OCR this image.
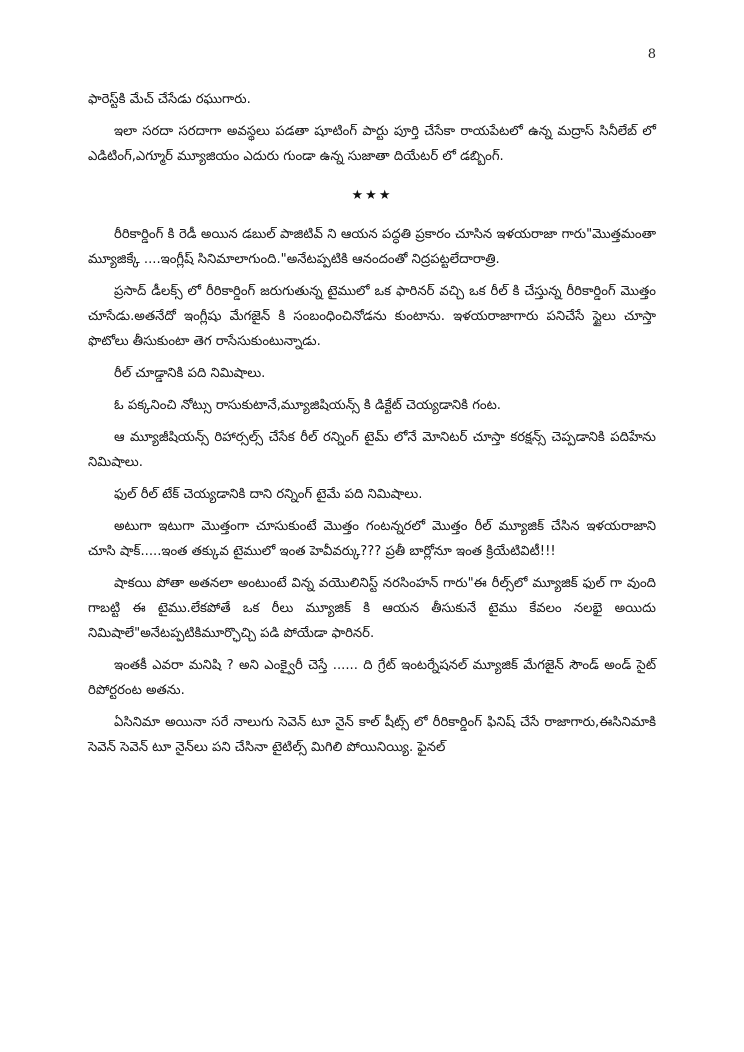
8

ఫారెస్ట్‌కి మేచ్ చేసేడు రఘుగారు.

ఇలా సరదా సరదాగా అవస్థలు పడతా షూటింగ్ పార్టు పూర్తి చేసేకా రాయపేటలో ఉన్న మద్రాస్ సినీలేబ్ లో ఎడిటింగ్,ఎగ్మూర్ మ్యూజియం ఎదురు గుండా ఉన్న సుజాతా దియేటర్ లో డబ్బింగ్.

★★★

రీరికార్డింగ్ కి రెడీ అయిన డబుల్ పాజిటివ్ ని ఆయన పద్ధతి ప్రకారం చూసిన ఇళయరాజా గారు"మొత్తమంతా మ్యూజిక్కే ....ఇంగ్లీష్ సినిమాలాగుంది."అనేటప్పటికి ఆనందంతో నిద్రపట్టలేదారాత్రి.

ప్రసాద్ డీలక్స్ లో రీరికార్డింగ్ జరుగుతున్న టైములో ఒక ఫారినర్ వచ్చి ఒక రీల్ కి చేస్తున్న రీరికార్డింగ్ మొత్తం చూసేడు.అతనేదో ఇంగ్లీషు మేగజైన్ కి సంబంధించినోడను కుంటాను. ఇళయరాజాగారు పనిచేసే స్టైలు చూస్తా ఫొటోలు తీసుకుంటా తెగ రాసేసుకుంటున్నాడు.

రీల్ చూడ్డానికి పది నిమిషాలు.

ఓ పక్కనించి నోట్సు రాసుకుటానే,మ్యూజిషియన్స్ కి డిక్టేట్ చెయ్యడానికి గంట.

ఆ మ్యూజీషియన్స్ రిహార్సల్స్ చేసేక రీల్ రన్నింగ్ టైమ్ లోనే మోనిటర్ చూస్తా కరక్షన్స్ చెప్పడానికి పదిహేను నిమిషాలు.

ఫుల్ రీల్ టేక్ చెయ్యడానికి దాని రన్నింగ్ టైమే పది నిమిషాలు.

అటుగా ఇటుగా మొత్తంగా చూసుకుంటే మొత్తం గంటన్నరలో మొత్తం రీల్ మ్యూజిక్ చేసిన ఇళయరాజాని చూసి షాక్.....ఇంత తక్కువ టైములో ఇంత హెవీవర్కు??? ప్రతీ బార్లోనూ ఇంత క్రియేటివిటీ!!!

షాకయి పోతా అతనలా అంటుంటే విన్న వయొలినిస్ట్ నరసింహన్ గారు"ఈ రీల్స్‌లో మ్యూజిక్ ఫుల్ గా వుంది గాబట్టి ఈ టైము.లేకపోతే ఒక రీలు మ్యూజిక్ కి ఆయన తీసుకునే టైము కేవలం నలభై అయిదు నిమిషాలే"అనేటప్పటికిమూర్ఛొచ్చి పడి పోయేడా ఫారినర్.

ఇంతకీ ఎవరా మనిషి ? అని ఎంక్వైరీ చెస్తే ...... ది గ్రేట్ ఇంటర్నేషనల్ మ్యూజిక్ మేగజైన్ సౌండ్ అండ్ సైట్ రిపోర్టరంట అతను.

ఏసినిమా అయినా సరే నాలుగు సెవెన్ టూ నైన్ కాల్ షీట్స్ లో రీరికార్డింగ్ ఫినిష్ చేసే రాజాగారు,ఈసినిమాకి సెవెన్ సెవెన్ టూ నైన్‌లు పని చేసినా టైటిల్స్ మిగిలి పోయినియ్యి. ఫైనల్
